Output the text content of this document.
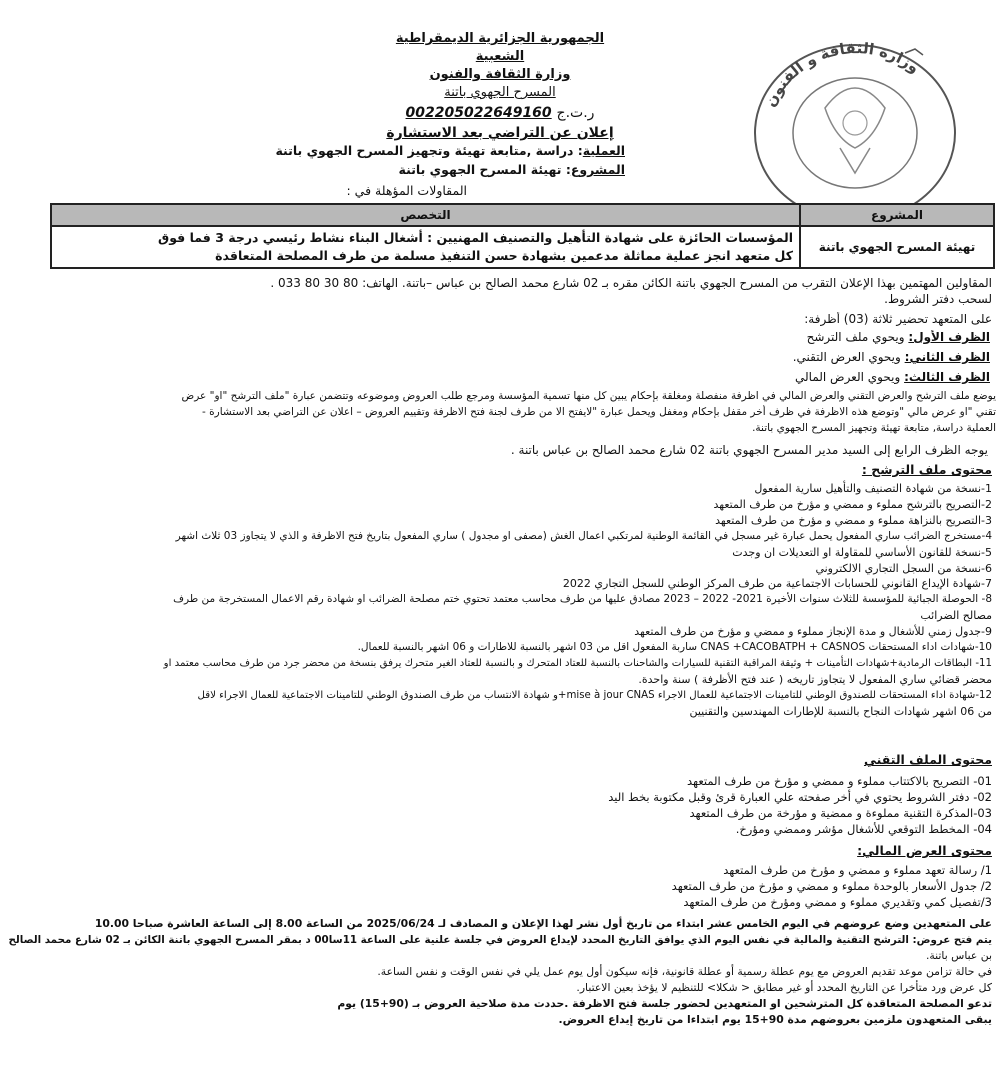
الجمهورية الجزائرية الديمقراطية الشعبية
وزارة الثقافة والفنون
المسرح الجهوي باتنة
ر.ت.ج 002205022649160
إعلان عن التراضي بعد الاستشارة
وزارة الثقافة و الفنون
العملية: دراسة ,متابعة تهيئة وتجهيز المسرح الجهوي باتنة
المشروع: تهيئة المسرح الجهوي باتنة
المقاولات المؤهلة في :
المشروع	التخصص
تهيئة المسرح الجهوي باتنة	المؤسسات الحائزة على شهادة التأهيل والتصنيف المهنيين : أشغال البناء نشاط رئيسي درجة 3 فما فوق
كل متعهد انجز عملية مماثلة مدعمين بشهادة حسن التنفيذ مسلمة من طرف المصلحة المتعاقدة
المقاولين المهتمين بهذا الإعلان التقرب من المسرح الجهوي باتنة الكائن مقره بـ 02 شارع محمد الصالح بن عباس –باتنة. الهاتف: 80 30 80 033 .
لسحب دفتر الشروط.
على المتعهد تحضير ثلاثة (03) أظرفة:
الظرف الأول: ويحوي ملف الترشح
الظرف الثاني: ويحوي العرض التقني.
الظرف الثالث: ويحوي العرض المالي
يوضع ملف الترشح والعرض التقني والعرض المالي في اظرفة منفصلة ومغلقة بإحكام يبين كل منها تسمية المؤسسة ومرجع طلب العروض وموضوعه وتتضمن عبارة "ملف الترشح "او" عرض
تقني "او عرض مالي "وتوضع هذه الاظرفة في ظرف أخر مقفل بإحكام ومغفل ويحمل عبارة "لايفتح الا من طرف لجنة فتح الاظرفة وتقييم العروض – اعلان عن التراضي بعد الاستشارة -
العملية دراسة, متابعة تهيئة وتجهيز المسرح الجهوي باتنة.
يوجه الظرف الرابع إلى السيد مدير المسرح الجهوي باتنة 02 شارع محمد الصالح بن عباس باتنة .
محتوى ملف الترشح :
1-نسخة من شهادة التصنيف والتأهيل سارية المفعول
2-التصريح بالترشح مملوء و ممضي و مؤرخ من طرف المتعهد
3-التصريح بالنزاهة مملوء و ممضي و مؤرخ من طرف المتعهد
4-مستخرج الضرائب ساري المفعول يحمل عبارة غير مسجل في القائمة الوطنية لمرتكبي اعمال الغش (مصفى او مجدول ) ساري المفعول بتاريخ فتح الاظرفة و الذي لا يتجاوز 03 ثلاث اشهر
5-نسخة للقانون الأساسي للمقاولة او التعديلات ان وجدت
6-نسخة من السجل التجاري الالكتروني
7-شهادة الإيداع القانوني للحسابات الاجتماعية من طرف المركز الوطني للسجل التجاري 2022
8- الحوصلة الجبائية للمؤسسة للثلاث سنوات الأخيرة 2021- 2022 – 2023 مصادق عليها من طرف محاسب معتمد تحتوي ختم مصلحة الضرائب او شهادة رقم الاعمال المستخرجة من طرف
مصالح الضرائب
9-جدول زمني للأشغال و مدة الإنجاز مملوء و ممضي و مؤرخ من طرف المتعهد
10-شهادات اداء المستحقات CNAS +CACOBATPH + CASNOS ساربة المفعول اقل من 03 اشهر بالنسبة للاطارات و 06 اشهر بالنسبة للعمال.
11- البطاقات الرمادية+شهادات التأمينات + وثيقة المراقبة التقنية للسيارات والشاحنات بالنسبة للعتاد المتحرك و بالنسبة للعتاد الغير متحرك يرفق بنسخة من محضر جرد من طرف محاسب معتمد او
محضر قضائي ساري المفعول لا يتجاوز تاريخه ( عند فتح الأظرفة ) سنة واحدة.
12-شهادة اداء المستحقات للصندوق الوطني للتامينات الاجتماعية للعمال الاجراء mise à jour CNAS+و شهادة الانتساب من طرف الصندوق الوطني للتامينات الاجتماعية للعمال الاجراء لاقل
من 06 اشهر شهادات النجاح بالنسبة للإطارات المهندسين والتقنيين
محتوى الملف التقني
01- التصريح بالاكتتاب مملوء و ممضي و مؤرخ من طرف المتعهد
02- دفتر الشروط يحتوي في أخر صفحته علي العبارة قرئ وقبل مكتوبة بخط اليد
03-المذكرة التقنية مملوءة و ممضية و مؤرخة من طرف المتعهد
04- المخطط التوقعي للأشغال مؤشر وممضي ومؤرخ.
محتوى العرض المالي:
1/ رسالة تعهد مملوء و ممضي و مؤرخ من طرف المتعهد
2/ جدول الأسعار بالوحدة مملوء و ممضي و مؤرخ من طرف المتعهد
3/تفصيل كمي وتقديري مملوء و ممضي ومؤرخ من طرف المتعهد
على المتعهدين وضع عروضهم في اليوم الخامس عشر ابتداء من تاريخ أول نشر لهذا الإعلان و المصادف لـ 2025/06/24 من الساعة 8.00 إلى الساعة العاشرة صباحا 10.00
يتم فتح عروض: الترشح التقنية والمالية في نفس اليوم الذي يوافق التاريخ المحدد لإيداع العروض في جلسة علنية على الساعة 11سا00 د بمقر المسرح الجهوي باتنة الكائن بـ 02 شارع محمد الصالح
بن عباس باتنة.
في حالة تزامن موعد تقديم العروض مع يوم عطلة رسمية أو عطلة قانونية، فإنه سيكون أول يوم عمل يلي في نفس الوقت و نفس الساعة.
كل عرض ورد متأخرا عن التاريخ المحدد أو غير مطابق < شكلا> للتنظيم لا يؤخذ بعين الاعتبار.
تدعو المصلحة المتعاقدة كل المترشحين او المتعهدين لحضور جلسة فتح الاظرفة .حددت مدة صلاحية العروض بـ (90+15) يوم
يبقى المتعهدون ملزمين بعروضهم مدة 90+15 يوم ابتداءا من تاريخ إيداع العروض.
